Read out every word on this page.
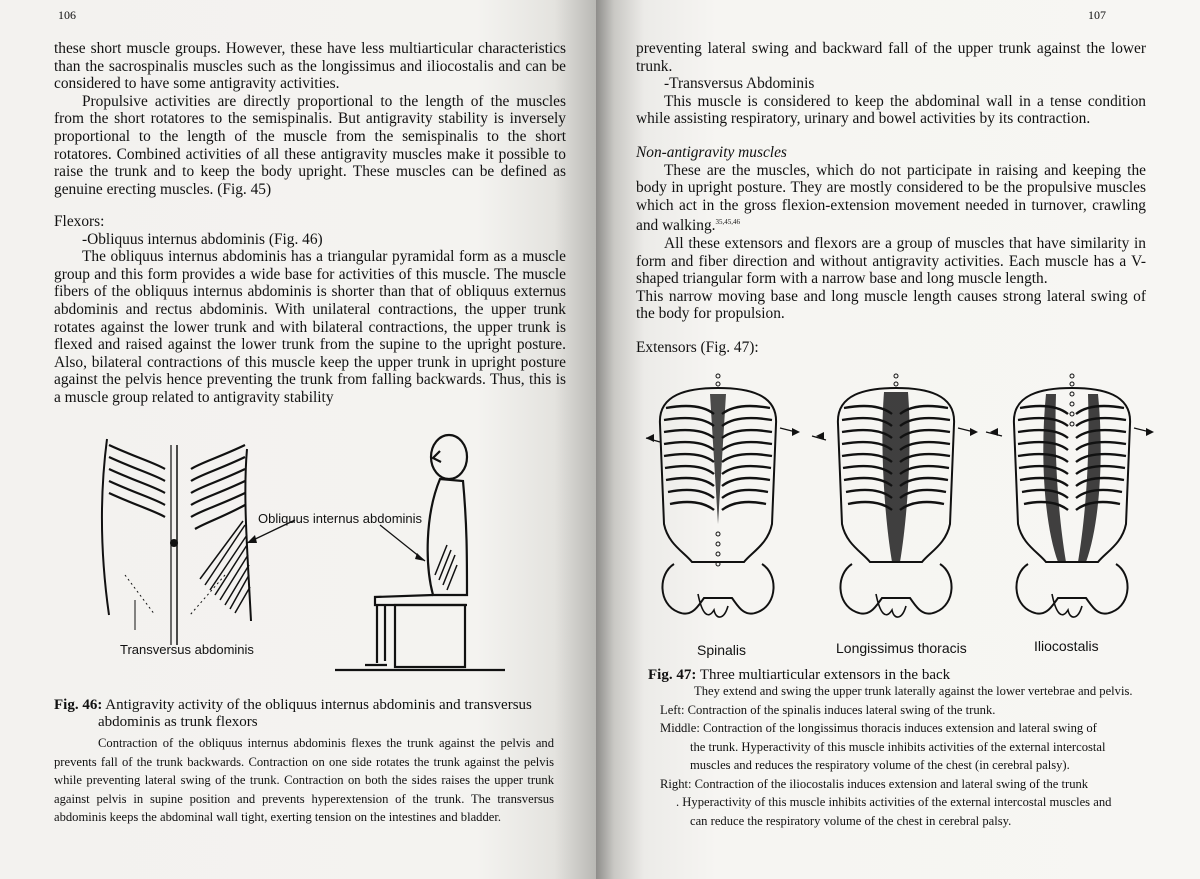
106	107

these short muscle groups. However, these have less multiarticular characteristics than the sacrospinalis muscles such as the longissimus and iliocostalis and can be considered to have some antigravity activities.

Propulsive activities are directly proportional to the length of the muscles from the short rotatores to the semispinalis. But antigravity stability is inversely proportional to the length of the muscle from the semispinalis to the short rotatores. Combined activities of all these antigravity muscles make it possible to raise the trunk and to keep the body upright. These muscles can be defined as genuine erecting muscles. (Fig. 45)

Flexors:

-Obliquus internus abdominis (Fig. 46)

The obliquus internus abdominis has a triangular pyramidal form as a muscle group and this form provides a wide base for activities of this muscle. The muscle fibers of the obliquus internus abdominis is shorter than that of obliquus externus abdominis and rectus abdominis. With unilateral contractions, the upper trunk rotates against the lower trunk and with bilateral contractions, the upper trunk is flexed and raised against the lower trunk from the supine to the upright posture. Also, bilateral contractions of this muscle keep the upper trunk in upright posture against the pelvis hence preventing the trunk from falling backwards. Thus, this is a muscle group related to antigravity stability

Obliquus internus abdominis
Transversus abdominis
Fig. 46: Antigravity activity of the obliquus internus abdominis and transversus
abdominis as trunk flexors
Contraction of the obliquus internus abdominis flexes the trunk against the pelvis and prevents fall of the trunk backwards. Contraction on one side rotates the trunk against the pelvis while preventing lateral swing of the trunk. Contraction on both the sides raises the upper trunk against pelvis in supine position and prevents hyperextension of the trunk. The transversus abdominis keeps the abdominal wall tight, exerting tension on the intestines and bladder.

preventing lateral swing and backward fall of the upper trunk against the lower trunk.

-Transversus Abdominis

This muscle is considered to keep the abdominal wall in a tense condition while assisting respiratory, urinary and bowel activities by its contraction.

Non-antigravity muscles

These are the muscles, which do not participate in raising and keeping the body in upright posture. They are mostly considered to be the propulsive muscles which act in the gross flexion-extension movement needed in turnover, crawling and walking.$^{35,45,46}$

All these extensors and flexors are a group of muscles that have similarity in form and fiber direction and without antigravity activities. Each muscle has a V-shaped triangular form with a narrow base and long muscle length.

This narrow moving base and long muscle length causes strong lateral swing of the body for propulsion.

Extensors (Fig. 47):

Spinalis	Longissimus thoracis	Iliocostalis
Fig. 47: Three multiarticular extensors in the back
They extend and swing the upper trunk laterally against the lower vertebrae and pelvis.
Left: Contraction of the spinalis induces lateral swing of the trunk.
Middle: Contraction of the longissimus thoracis induces extension and lateral swing of
the trunk. Hyperactivity of this muscle inhibits activities of the external intercostal
muscles and reduces the respiratory volume of the chest (in cerebral palsy).
Right: Contraction of the iliocostalis induces extension and lateral swing of the trunk
. Hyperactivity of this muscle inhibits activities of the external intercostal muscles and
can reduce the respiratory volume of the chest in cerebral palsy.
